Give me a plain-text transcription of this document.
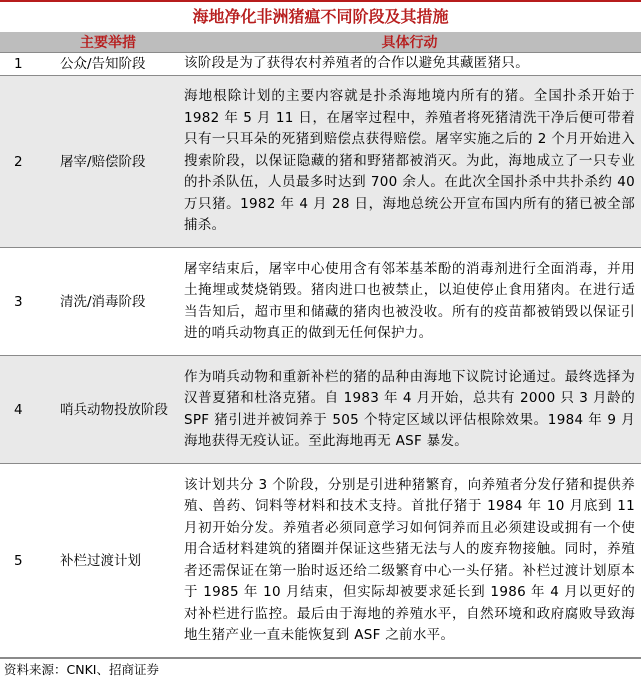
海地净化非洲猪瘟不同阶段及其措施
	主要举措	具体行动
1	公众/告知阶段	该阶段是为了获得农村养殖者的合作以避免其藏匿猪只。
2	屠宰/赔偿阶段	海地根除计划的主要内容就是扑杀海地境内所有的猪。全国扑杀开始于 1982 年 5 月 11 日，在屠宰过程中，养殖者将死猪清洗干净后便可带着只有一只耳朵的死猪到赔偿点获得赔偿。屠宰实施之后的 2 个月开始进入搜索阶段，以保证隐藏的猪和野猪都被消灭。为此，海地成立了一只专业的扑杀队伍，人员最多时达到 700 余人。在此次全国扑杀中共扑杀约 40 万只猪。1982 年 4 月 28 日，海地总统公开宣布国内所有的猪已被全部捕杀。
3	清洗/消毒阶段	屠宰结束后，屠宰中心使用含有邻苯基苯酚的消毒剂进行全面消毒，并用土掩埋或焚烧销毁。猪肉进口也被禁止，以迫使停止食用猪肉。在进行适当告知后，超市里和储藏的猪肉也被没收。所有的疫苗都被销毁以保证引进的哨兵动物真正的做到无任何保护力。
4	哨兵动物投放阶段	作为哨兵动物和重新补栏的猪的品种由海地下议院讨论通过。最终选择为汉普夏猪和杜洛克猪。自 1983 年 4 月开始，总共有 2000 只 3 月龄的 SPF 猪引进并被饲养于 505 个特定区域以评估根除效果。1984 年 9 月海地获得无疫认证。至此海地再无 ASF 暴发。
5	补栏过渡计划	该计划共分 3 个阶段，分别是引进种猪繁育，向养殖者分发仔猪和提供养殖、兽药、饲料等材料和技术支持。首批仔猪于 1984 年 10 月底到 11 月初开始分发。养殖者必须同意学习如何饲养而且必须建设或拥有一个使用合适材料建筑的猪圈并保证这些猪无法与人的废弃物接触。同时，养殖者还需保证在第一胎时返还给二级繁育中心一头仔猪。补栏过渡计划原本于 1985 年 10 月结束，但实际却被要求延长到 1986 年 4 月以更好的对补栏进行监控。最后由于海地的养殖水平，自然环境和政府腐败导致海地生猪产业一直未能恢复到 ASF 之前水平。
资料来源：CNKI、招商证券
